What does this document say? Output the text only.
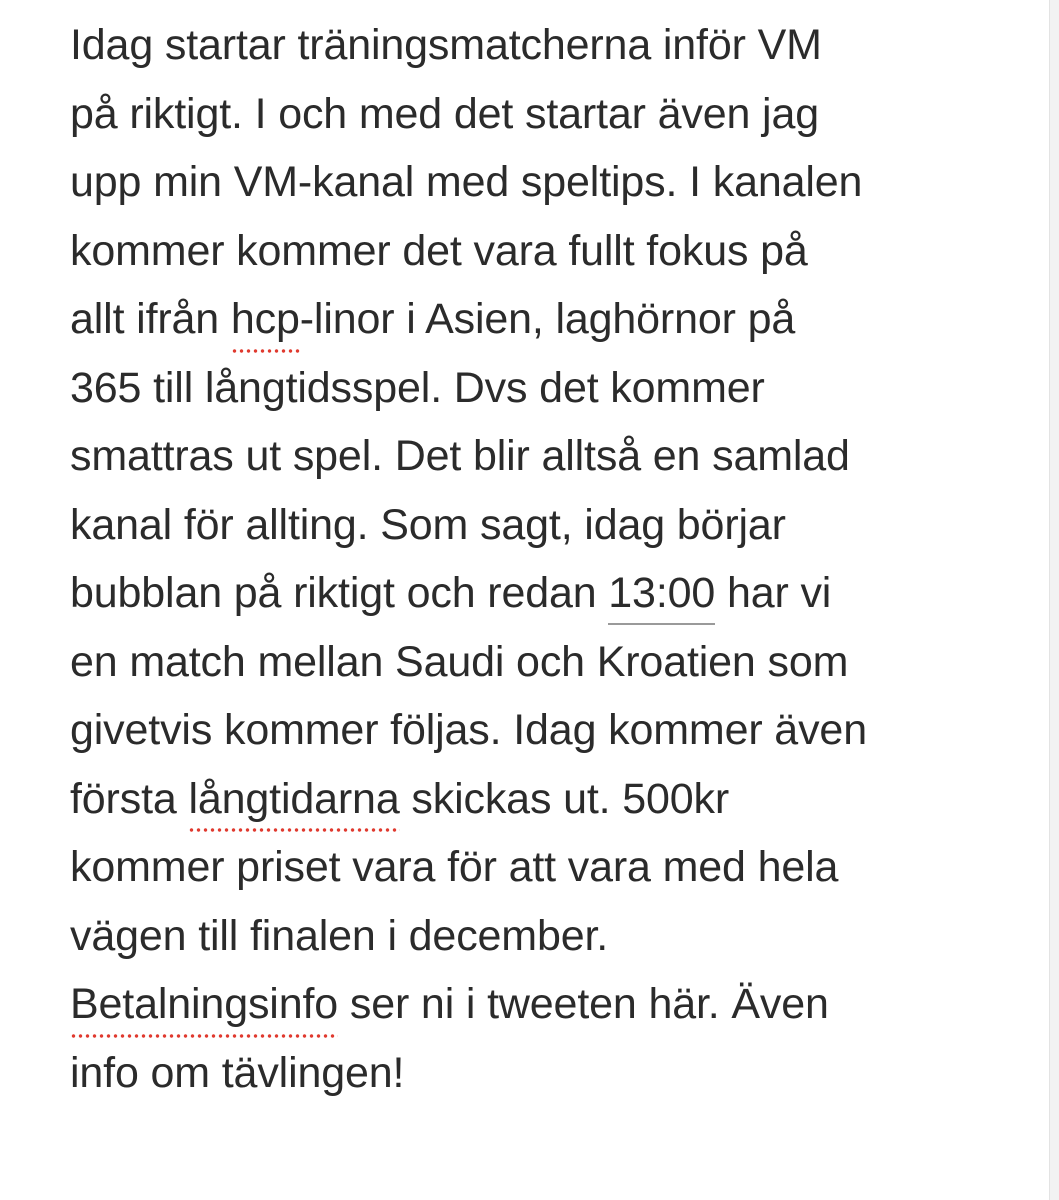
Idag startar träningsmatcherna inför VM
på riktigt. I och med det startar även jag
upp min VM-kanal med speltips. I kanalen
kommer kommer det vara fullt fokus på
allt ifrån hcp-linor i Asien, laghörnor på
365 till långtidsspel. Dvs det kommer
smattras ut spel. Det blir alltså en samlad
kanal för allting. Som sagt, idag börjar
bubblan på riktigt och redan 13:00 har vi
en match mellan Saudi och Kroatien som
givetvis kommer följas. Idag kommer även
första långtidarna skickas ut. 500kr
kommer priset vara för att vara med hela
vägen till finalen i december.
Betalningsinfo ser ni i tweeten här. Även
info om tävlingen!
